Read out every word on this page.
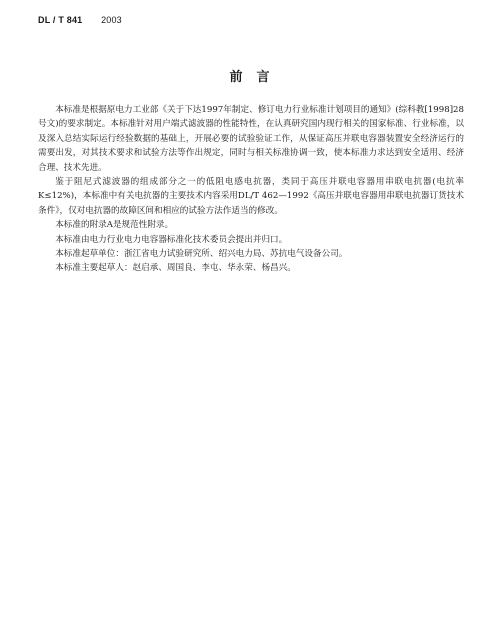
DL / T 841 2003
前言

本标准是根据原电力工业部《关于下达1997年制定、修订电力行业标准计划项目的通知》(综科教[1998]28号文)的要求制定。本标准针对用户端式滤波器的性能特性，在认真研究国内现行相关的国家标准、行业标准，以及深入总结实际运行经验数据的基础上，开展必要的试验验证工作，从保证高压并联电容器装置安全经济运行的需要出发，对其技术要求和试验方法等作出规定，同时与相关标准协调一致，使本标准力求达到安全适用、经济合理、技术先进。

鉴于阻尼式滤波器的组成部分之一的低阻电感电抗器，类同于高压并联电容器用串联电抗器(电抗率K≤12%)，本标准中有关电抗器的主要技术内容采用DL/T 462—1992《高压并联电容器用串联电抗器订货技术条件》，仅对电抗器的故障区间和相应的试验方法作适当的修改。

本标准的附录A是规范性附录。

本标准由电力行业电力电容器标准化技术委员会提出并归口。

本标准起草单位：浙江省电力试验研究所、绍兴电力局、苏抗电气设备公司。

本标准主要起草人：赵启承、周国良、李屯、华永荣、杨昌兴。
